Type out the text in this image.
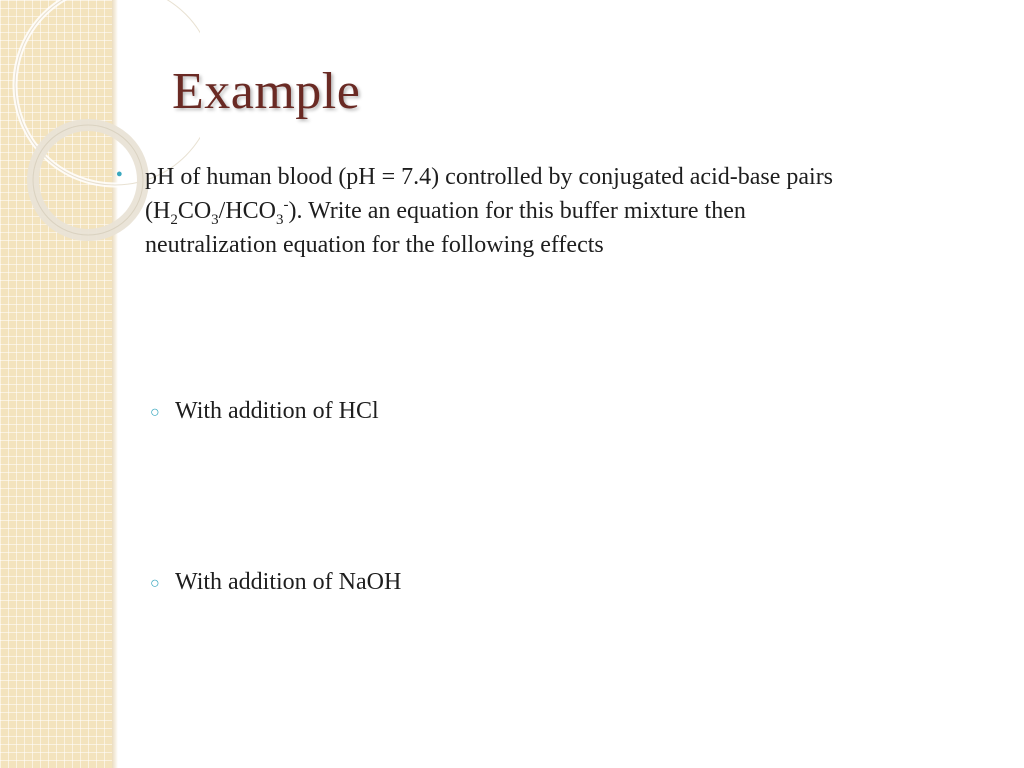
Example
● pH of human blood (pH = 7.4) controlled by conjugated acid-base pairs
$(H_2CO_3/HCO_3^-)$. Write an equation for this buffer mixture then
neutralization equation for the following effects
○ With addition of HCl
○ With addition of NaOH
